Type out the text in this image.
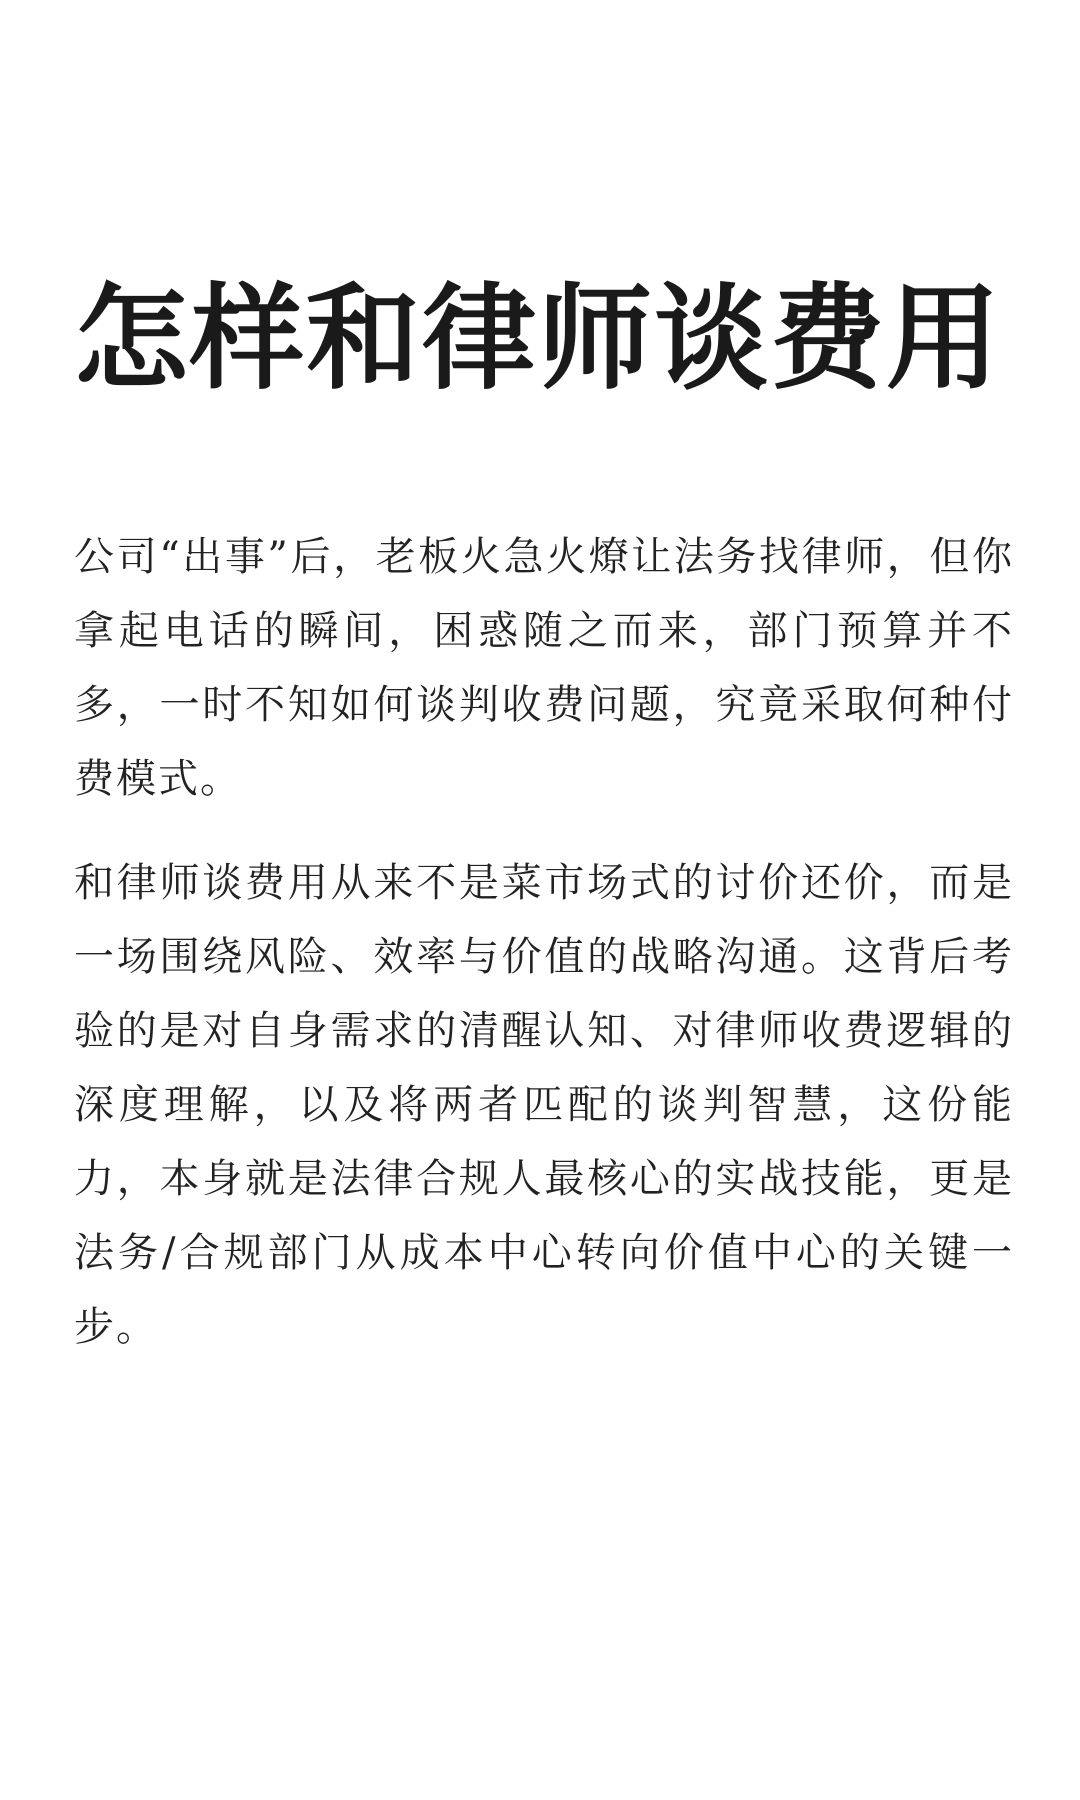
怎样和律师谈费用

公司“出事”后，老板火急火燎让法务找律师，但你拿起电话的瞬间，困惑随之而来，部门预算并不多，一时不知如何谈判收费问题，究竟采取何种付费模式。

和律师谈费用从来不是菜市场式的讨价还价，而是一场围绕风险、效率与价值的战略沟通。这背后考验的是对自身需求的清醒认知、对律师收费逻辑的深度理解，以及将两者匹配的谈判智慧，这份能力，本身就是法律合规人最核心的实战技能，更是法务/合规部门从成本中心转向价值中心的关键一步。
